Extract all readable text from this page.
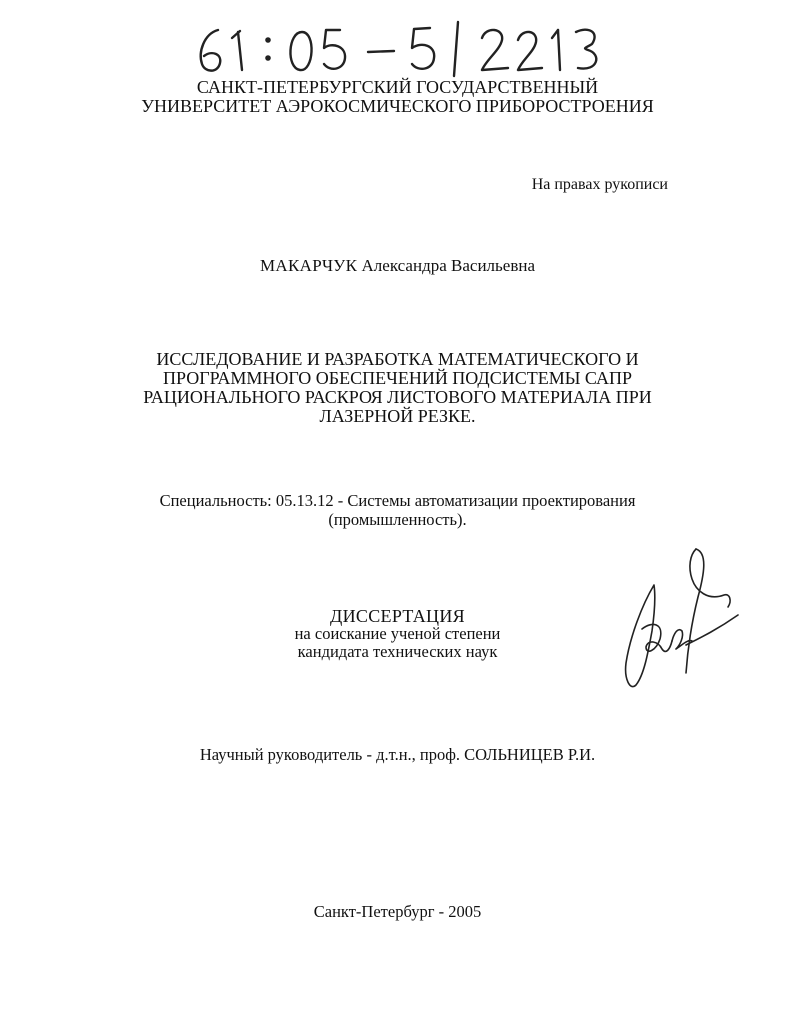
САНКТ-ПЕТЕРБУРГСКИЙ ГОСУДАРСТВЕННЫЙ
УНИВЕРСИТЕТ АЭРОКОСМИЧЕСКОГО ПРИБОРОСТРОЕНИЯ
На правах рукописи
МАКАРЧУК Александра Васильевна
ИССЛЕДОВАНИЕ И РАЗРАБОТКА МАТЕМАТИЧЕСКОГО И
ПРОГРАММНОГО ОБЕСПЕЧЕНИЙ ПОДСИСТЕМЫ САПР
РАЦИОНАЛЬНОГО РАСКРОЯ ЛИСТОВОГО МАТЕРИАЛА ПРИ
ЛАЗЕРНОЙ РЕЗКЕ.
Специальность: 05.13.12 - Системы автоматизации проектирования
(промышленность).
ДИССЕРТАЦИЯ
на соискание ученой степени
кандидата технических наук
Научный руководитель - д.т.н., проф. СОЛЬНИЦЕВ Р.И.
Санкт-Петербург - 2005
